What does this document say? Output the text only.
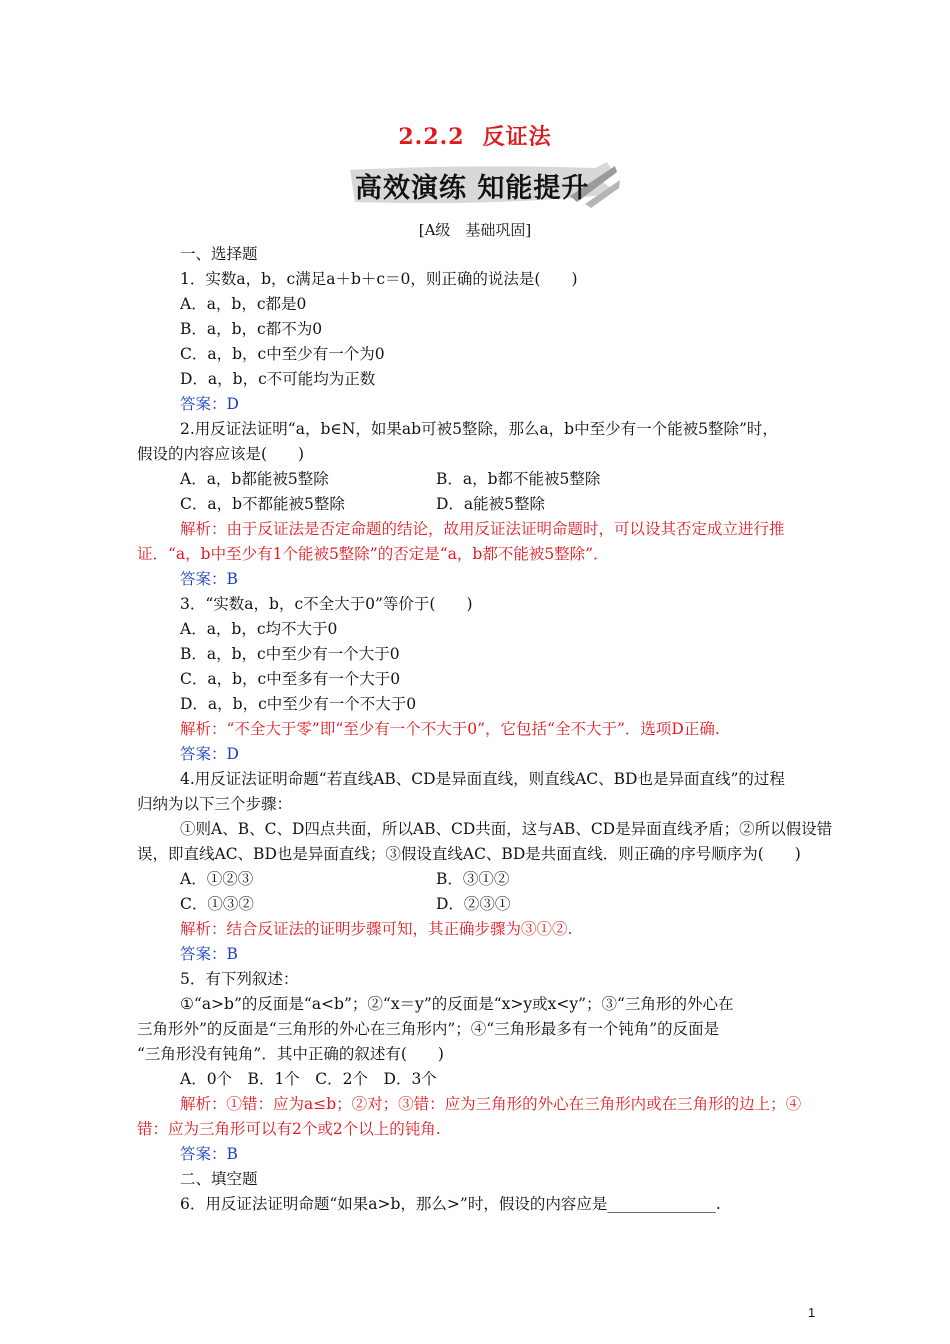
2.2.2 反证法
高效演练 知能提升
[A级　基础巩固]
一、选择题
1．实数a，b，c满足a＋b＋c＝0，则正确的说法是(　　)
A．a，b，c都是0
B．a，b，c都不为0
C．a，b，c中至少有一个为0
D．a，b，c不可能均为正数
答案：D
2.用反证法证明“a，b∈N，如果ab可被5整除，那么a，b中至少有一个能被5整除”时，
假设的内容应该是(　　)
A．a，b都能被5整除	B．a，b都不能被5整除
C．a，b不都能被5整除	D．a能被5整除
解析：由于反证法是否定命题的结论，故用反证法证明命题时，可以设其否定成立进行推
证．“a，b中至少有1个能被5整除”的否定是“a，b都不能被5整除”．
答案：B
3．“实数a，b，c不全大于0”等价于(　　)
A．a，b，c均不大于0
B．a，b，c中至少有一个大于0
C．a，b，c中至多有一个大于0
D．a，b，c中至少有一个不大于0
解析：“不全大于零”即“至少有一个不大于0”，它包括“全不大于”．选项D正确.
答案：D
4.用反证法证明命题“若直线AB、CD是异面直线，则直线AC、BD也是异面直线”的过程
归纳为以下三个步骤：
①则A、B、C、D四点共面，所以AB、CD共面，这与AB、CD是异面直线矛盾；②所以假设错
误，即直线AC、BD也是异面直线；③假设直线AC、BD是共面直线．则正确的序号顺序为(　　)
A．①②③	B．③①②
C．①③②	D．②③①
解析：结合反证法的证明步骤可知，其正确步骤为③①②.
答案：B
5．有下列叙述：
①“a>b”的反面是“a<b”；②“x＝y”的反面是“x>y或x<y”；③“三角形的外心在
三角形外”的反面是“三角形的外心在三角形内”；④“三角形最多有一个钝角”的反面是
“三角形没有钝角”．其中正确的叙述有(　　)
A．0个　B．1个　C．2个　D．3个
解析：①错：应为a≤b；②对；③错：应为三角形的外心在三角形内或在三角形的边上；④
错：应为三角形可以有2个或2个以上的钝角.
答案：B
二、填空题
6．用反证法证明命题“如果a>b，那么>”时，假设的内容应是______________.
1
